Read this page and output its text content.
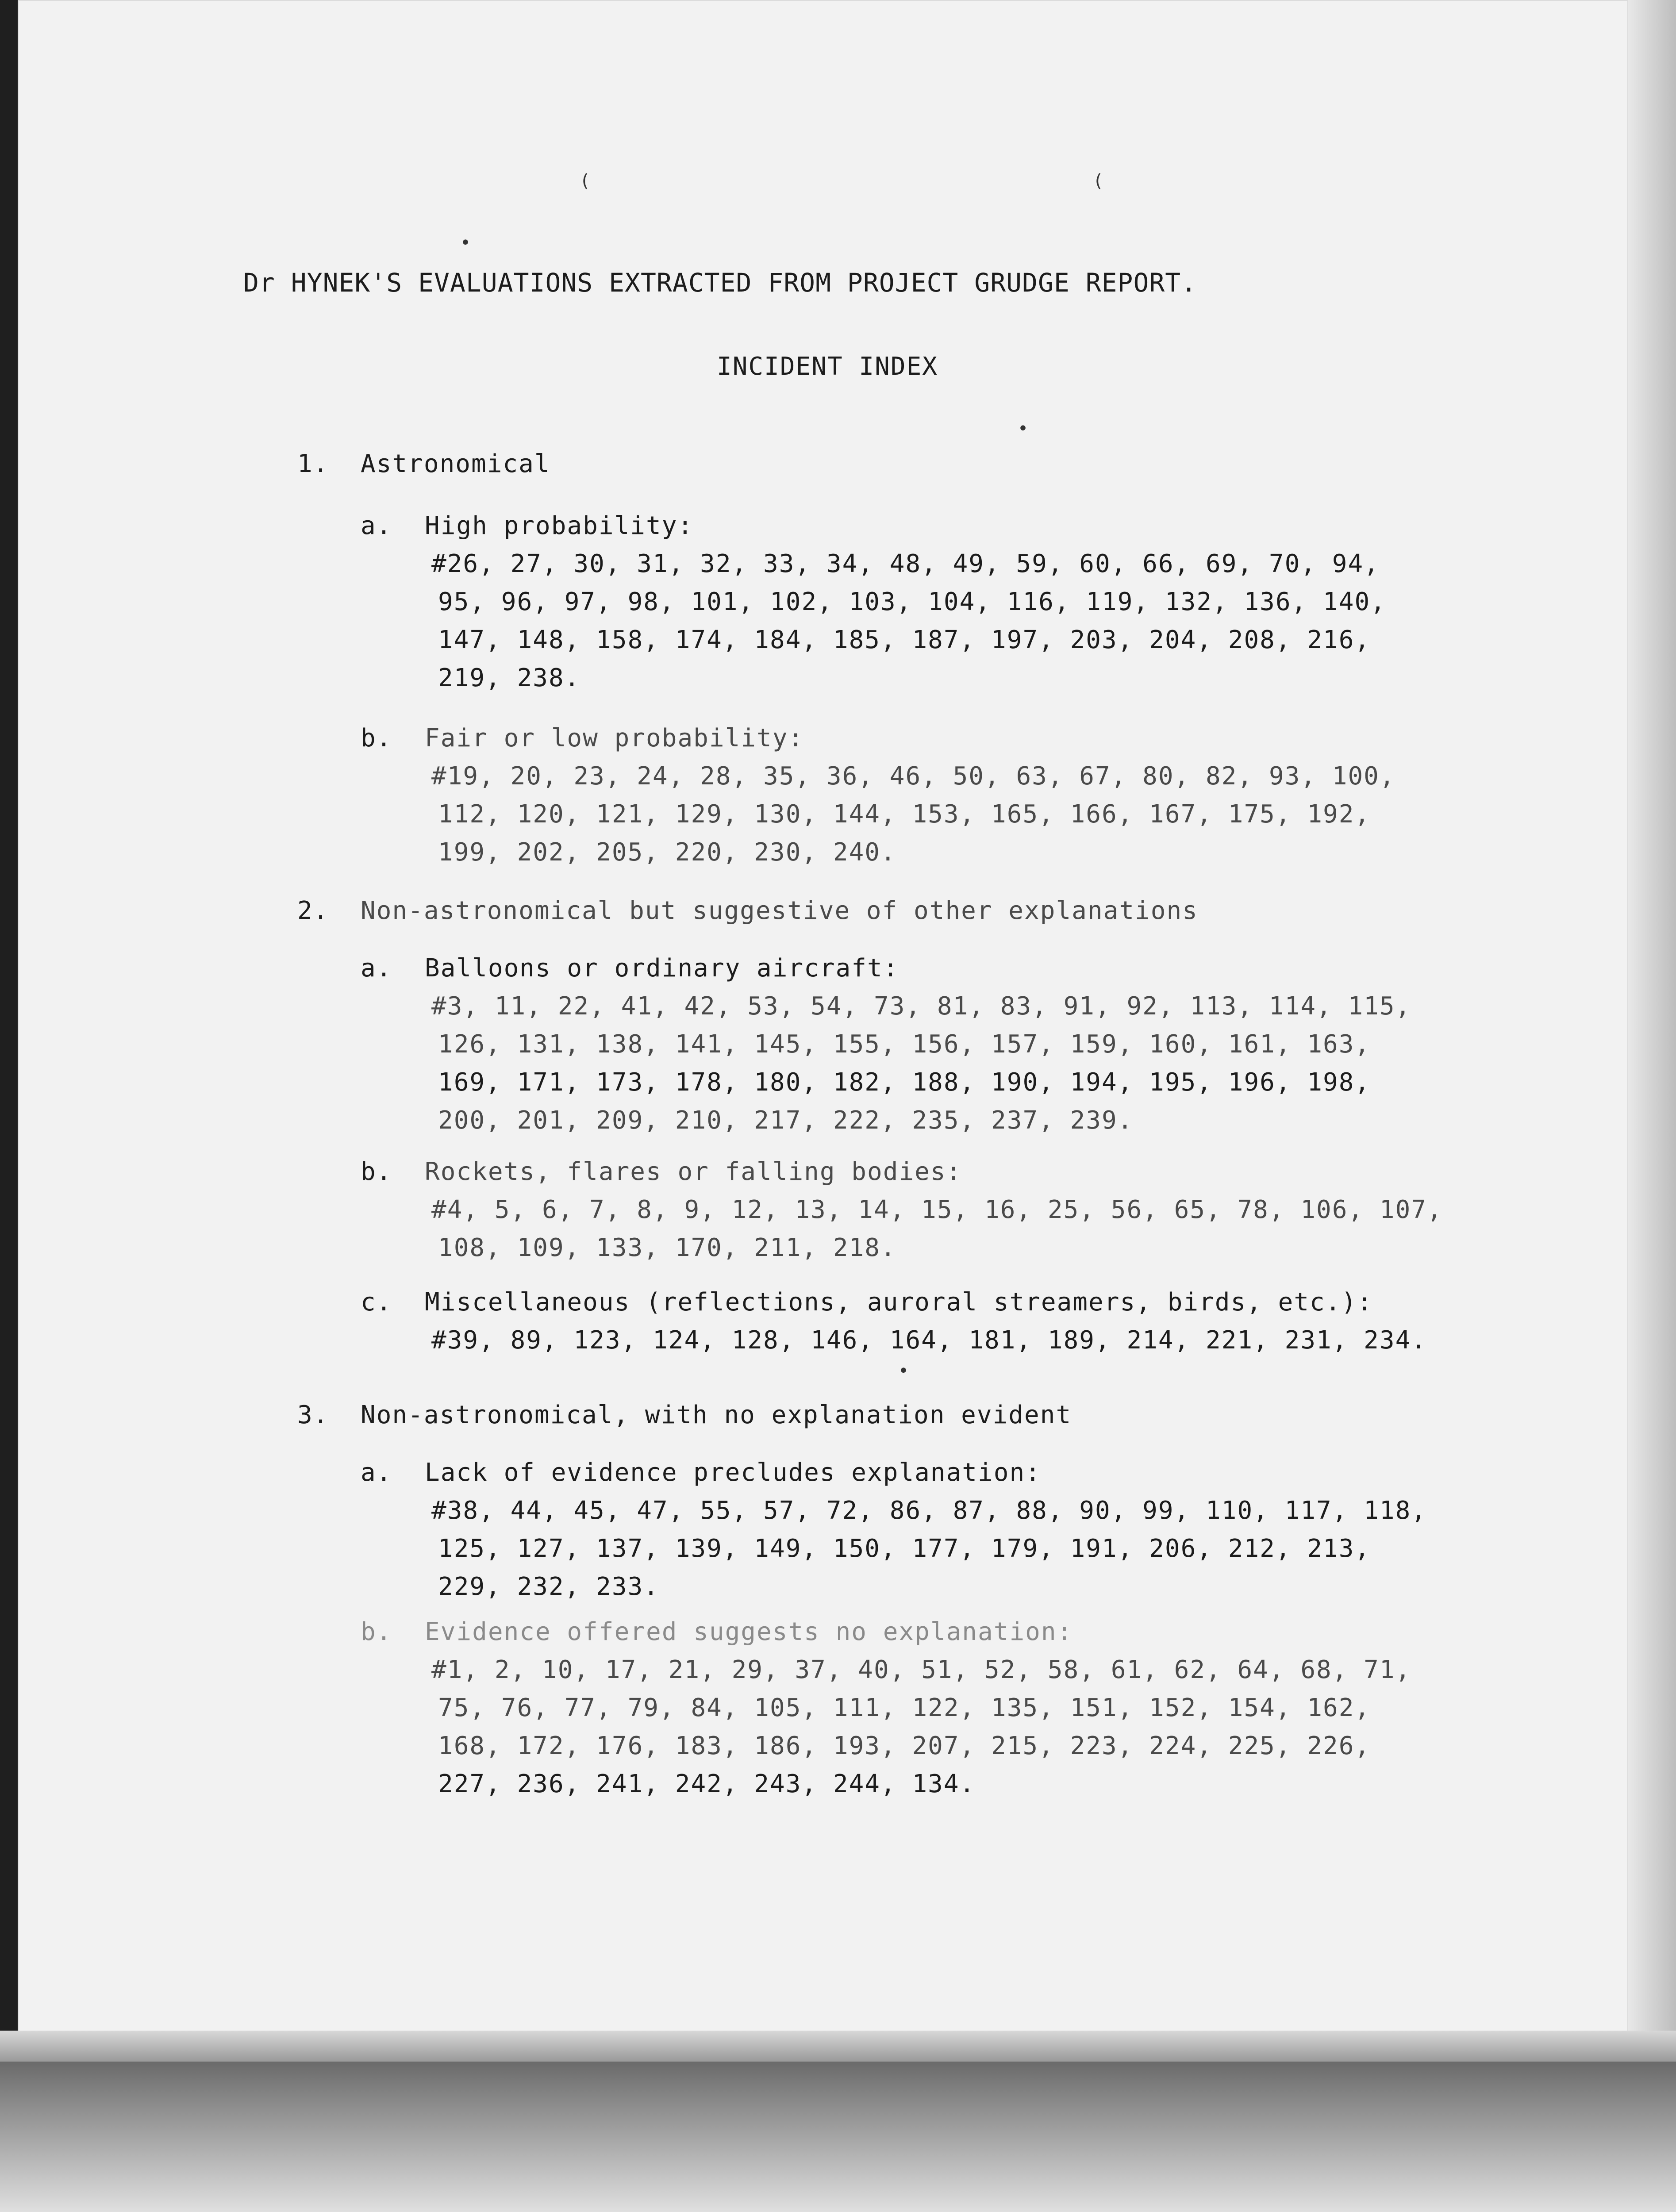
(	(
•
•
•
Dr HYNEK'S EVALUATIONS EXTRACTED FROM PROJECT GRUDGE REPORT.
INCIDENT INDEX
1. Astronomical
a. High probability:
#26, 27, 30, 31, 32, 33, 34, 48, 49, 59, 60, 66, 69, 70, 94,
95, 96, 97, 98, 101, 102, 103, 104, 116, 119, 132, 136, 140,
147, 148, 158, 174, 184, 185, 187, 197, 203, 204, 208, 216,
219, 238.
b. Fair or low probability:
#19, 20, 23, 24, 28, 35, 36, 46, 50, 63, 67, 80, 82, 93, 100,
112, 120, 121, 129, 130, 144, 153, 165, 166, 167, 175, 192,
199, 202, 205, 220, 230, 240.
2. Non-astronomical but suggestive of other explanations
a. Balloons or ordinary aircraft:
#3, 11, 22, 41, 42, 53, 54, 73, 81, 83, 91, 92, 113, 114, 115,
126, 131, 138, 141, 145, 155, 156, 157, 159, 160, 161, 163,
169, 171, 173, 178, 180, 182, 188, 190, 194, 195, 196, 198,
200, 201, 209, 210, 217, 222, 235, 237, 239.
b. Rockets, flares or falling bodies:
#4, 5, 6, 7, 8, 9, 12, 13, 14, 15, 16, 25, 56, 65, 78, 106, 107,
108, 109, 133, 170, 211, 218.
c. Miscellaneous (reflections, auroral streamers, birds, etc.):
#39, 89, 123, 124, 128, 146, 164, 181, 189, 214, 221, 231, 234.
3. Non-astronomical, with no explanation evident
a. Lack of evidence precludes explanation:
#38, 44, 45, 47, 55, 57, 72, 86, 87, 88, 90, 99, 110, 117, 118,
125, 127, 137, 139, 149, 150, 177, 179, 191, 206, 212, 213,
229, 232, 233.
b. Evidence offered suggests no explanation:
#1, 2, 10, 17, 21, 29, 37, 40, 51, 52, 58, 61, 62, 64, 68, 71,
75, 76, 77, 79, 84, 105, 111, 122, 135, 151, 152, 154, 162,
168, 172, 176, 183, 186, 193, 207, 215, 223, 224, 225, 226,
227, 236, 241, 242, 243, 244, 134.
